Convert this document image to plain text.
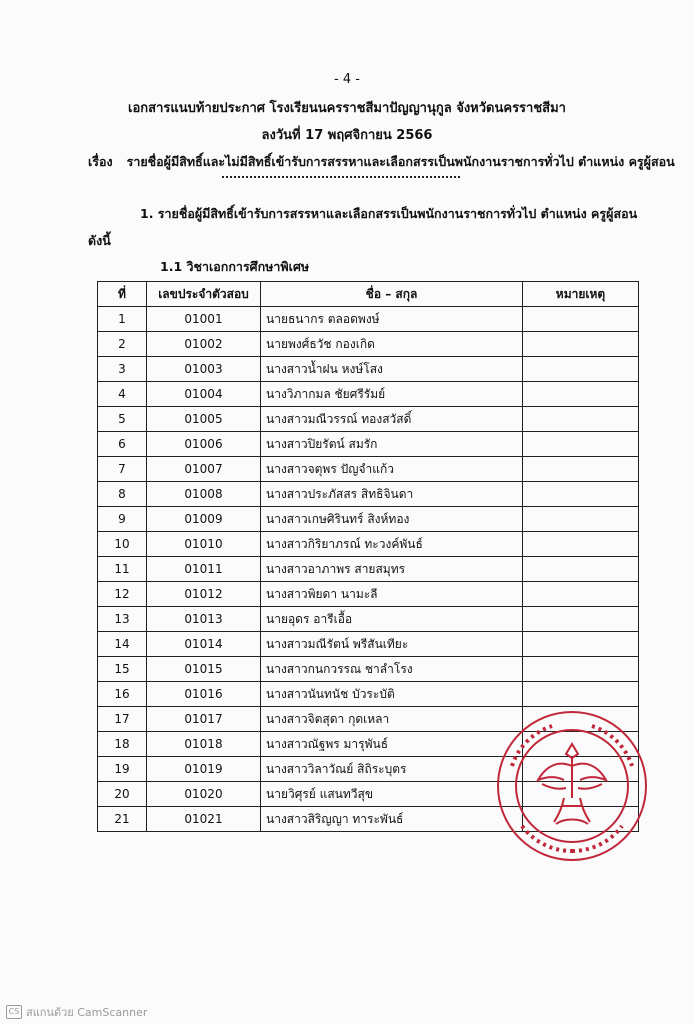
- 4 -
เอกสารแนบท้ายประกาศ โรงเรียนนครราชสีมาปัญญานุกูล จังหวัดนครราชสีมา
ลงวันที่ 17 พฤศจิกายน 2566
เรื่อง รายชื่อผู้มีสิทธิ์และไม่มีสิทธิ์เข้ารับการสรรหาและเลือกสรรเป็นพนักงานราชการทั่วไป ตำแหน่ง ครูผู้สอน
1. รายชื่อผู้มีสิทธิ์เข้ารับการสรรหาและเลือกสรรเป็นพนักงานราชการทั่วไป ตำแหน่ง ครูผู้สอน
ดังนี้
1.1 วิชาเอกการศึกษาพิเศษ
ที่	เลขประจำตัวสอบ	ชื่อ – สกุล	หมายเหตุ
1	01001	นายธนากร ตลอดพงษ์	
2	01002	นายพงศ์ธวัช กองเกิด	
3	01003	นางสาวน้ำฝน หงษ์โสง	
4	01004	นางวิภากมล ชัยศรีรัมย์	
5	01005	นางสาวมณีวรรณ์ ทองสวัสดิ์	
6	01006	นางสาวปิยรัตน์ สมรัก	
7	01007	นางสาวจตุพร ปัญจำแก้ว	
8	01008	นางสาวประภัสสร สิทธิจินดา	
9	01009	นางสาวเกษศิรินทร์ สิงห์ทอง	
10	01010	นางสาวกิริยาภรณ์ ทะวงค์พันธ์	
11	01011	นางสาวอาภาพร สายสมุทร	
12	01012	นางสาวพิยดา นามะลี	
13	01013	นายอุดร อารีเอื้อ	
14	01014	นางสาวมณีรัตน์ พรีสันเทียะ	
15	01015	นางสาวกนกวรรณ ชาลำโรง	
16	01016	นางสาวนันทนัช บัวระบัติ	
17	01017	นางสาวจิตสุดา กุดเหลา	
18	01018	นางสาวณัฐพร มารุพันธ์	
19	01019	นางสาววิลาวัณย์ สิถิระบุตร	
20	01020	นายวิศุรย์ แสนทวีสุข	
21	01021	นางสาวสิริญญา ทาระพันธ์	
CS สแกนด้วย CamScanner
